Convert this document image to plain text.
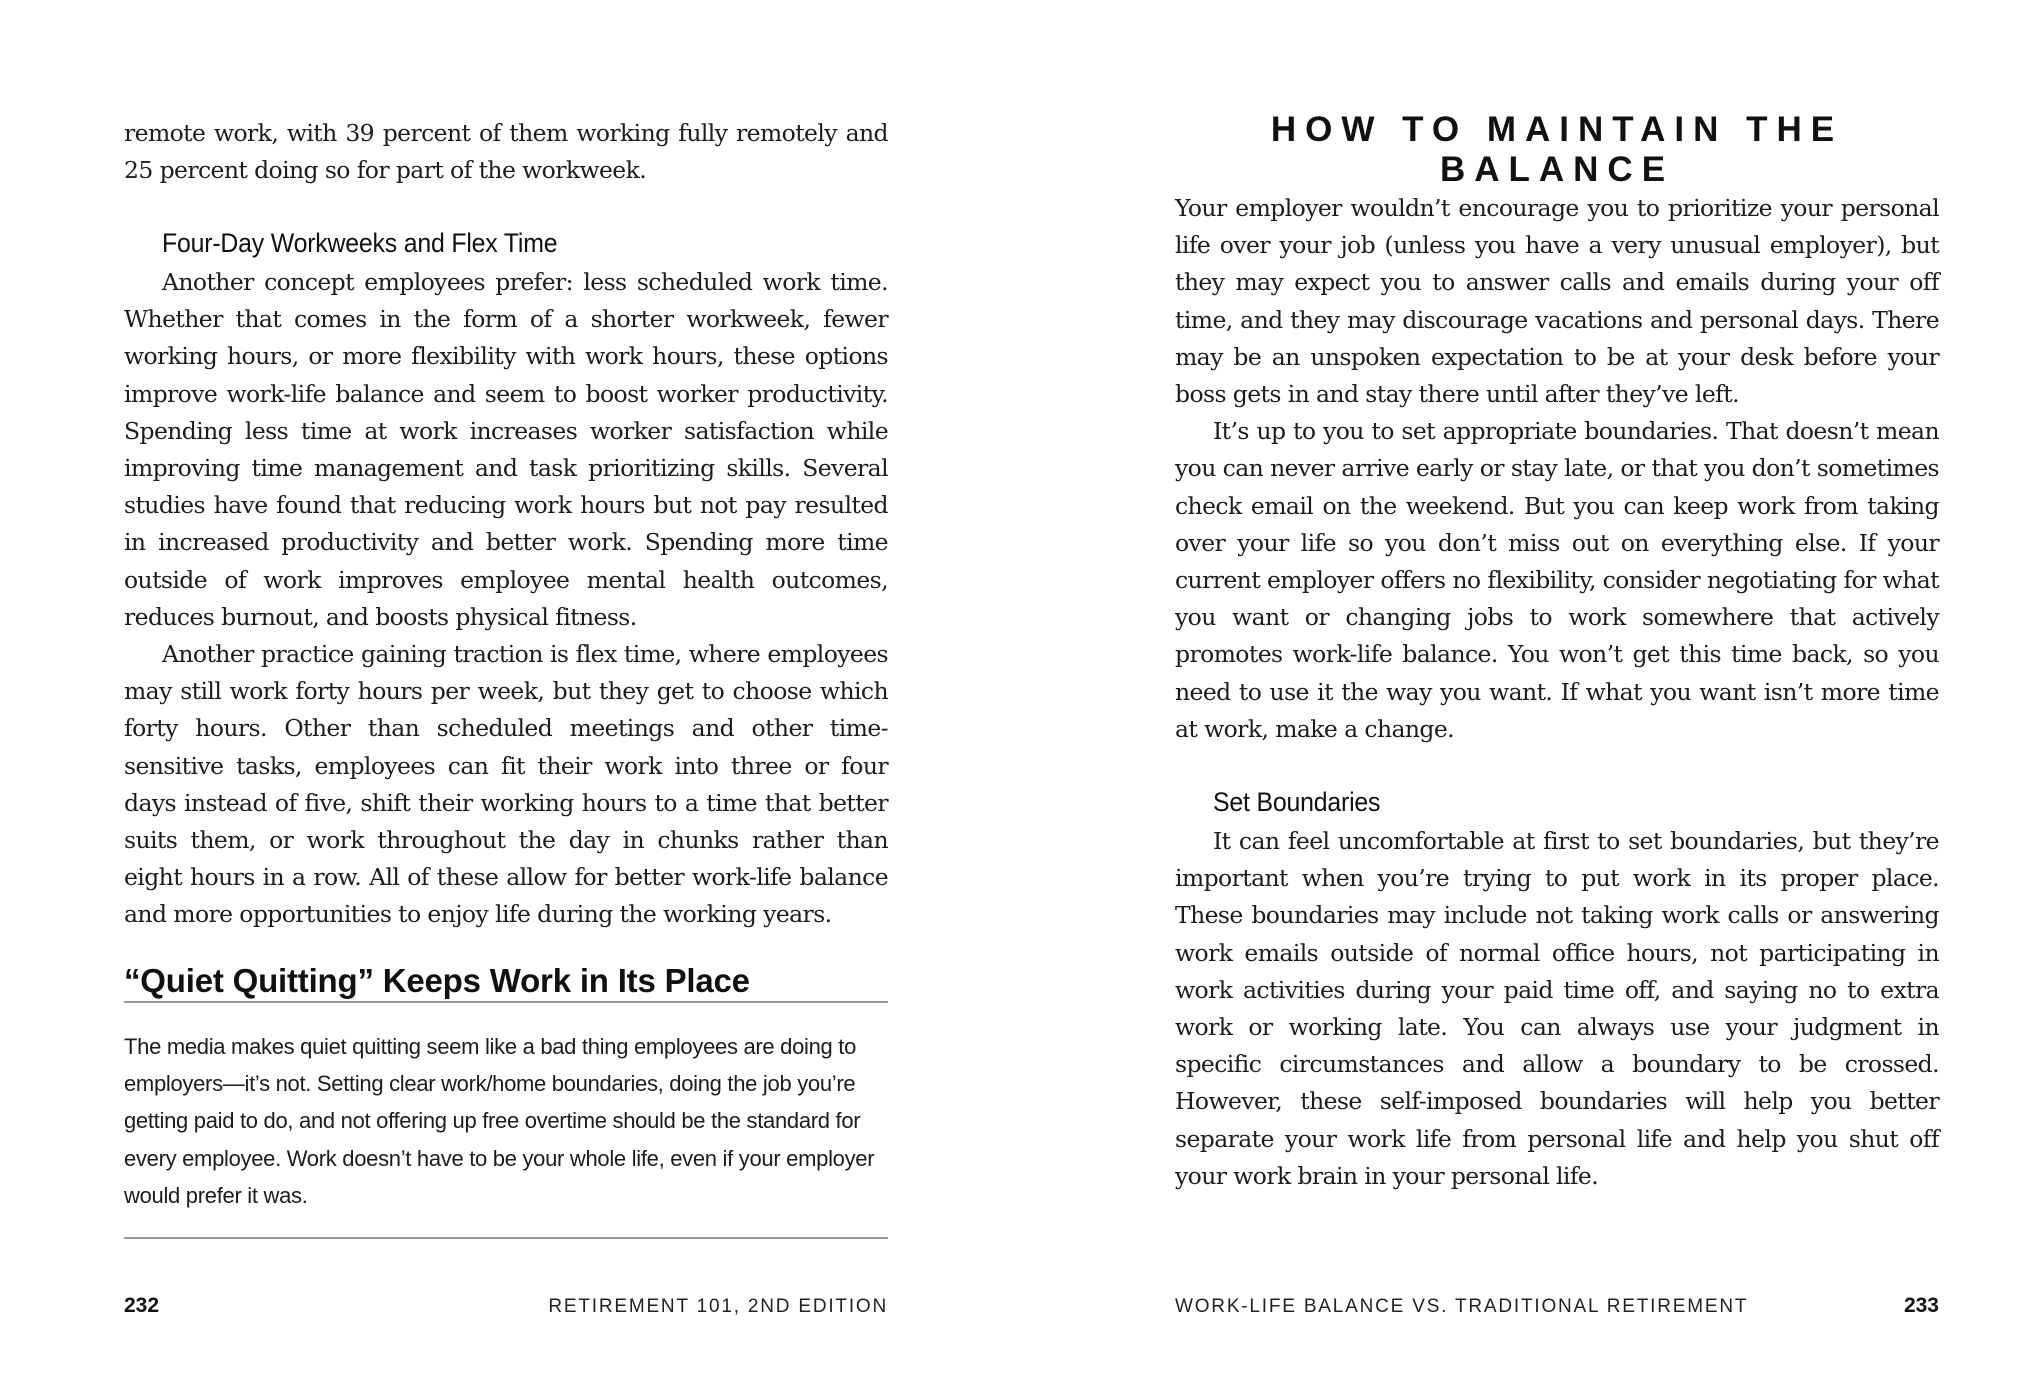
remote work, with 39 percent of them working fully remotely and 25 percent doing so for part of the workweek.

Four-Day Workweeks and Flex Time

Another concept employees prefer: less scheduled work time. Whether that comes in the form of a shorter workweek, fewer working hours, or more flexibility with work hours, these options improve work-life balance and seem to boost worker productivity. Spending less time at work increases worker satisfaction while improving time management and task prioritizing skills. Several studies have found that reducing work hours but not pay resulted in increased productivity and better work. Spending more time outside of work improves employee mental health outcomes, reduces burnout, and boosts physical fitness.

Another practice gaining traction is flex time, where employees may still work forty hours per week, but they get to choose which forty hours. Other than scheduled meetings and other time-sensitive tasks, employees can fit their work into three or four days instead of five, shift their working hours to a time that better suits them, or work throughout the day in chunks rather than eight hours in a row. All of these allow for better work-life balance and more opportunities to enjoy life during the working years.

“Quiet Quitting” Keeps Work in Its Place

The media makes quiet quitting seem like a bad thing employees are doing to employers—it’s not. Setting clear work/home boundaries, doing the job you’re getting paid to do, and not offering up free overtime should be the standard for every employee. Work doesn’t have to be your whole life, even if your employer would prefer it was.

232	RETIREMENT 101, 2ND EDITION
HOW TO MAINTAIN THE BALANCE

Your employer wouldn’t encourage you to prioritize your personal life over your job (unless you have a very unusual employer), but they may expect you to answer calls and emails during your off time, and they may discourage vacations and personal days. There may be an unspoken expectation to be at your desk before your boss gets in and stay there until after they’ve left.

It’s up to you to set appropriate boundaries. That doesn’t mean you can never arrive early or stay late, or that you don’t sometimes check email on the weekend. But you can keep work from taking over your life so you don’t miss out on everything else. If your current employer offers no flexibility, consider negotiating for what you want or changing jobs to work somewhere that actively promotes work-life balance. You won’t get this time back, so you need to use it the way you want. If what you want isn’t more time at work, make a change.

Set Boundaries

It can feel uncomfortable at first to set boundaries, but they’re important when you’re trying to put work in its proper place. These boundaries may include not taking work calls or answering work emails outside of normal office hours, not participating in work activities during your paid time off, and saying no to extra work or working late. You can always use your judgment in specific circumstances and allow a boundary to be crossed. However, these self-imposed boundaries will help you better separate your work life from personal life and help you shut off your work brain in your personal life.

WORK-LIFE BALANCE VS. TRADITIONAL RETIREMENT	233
